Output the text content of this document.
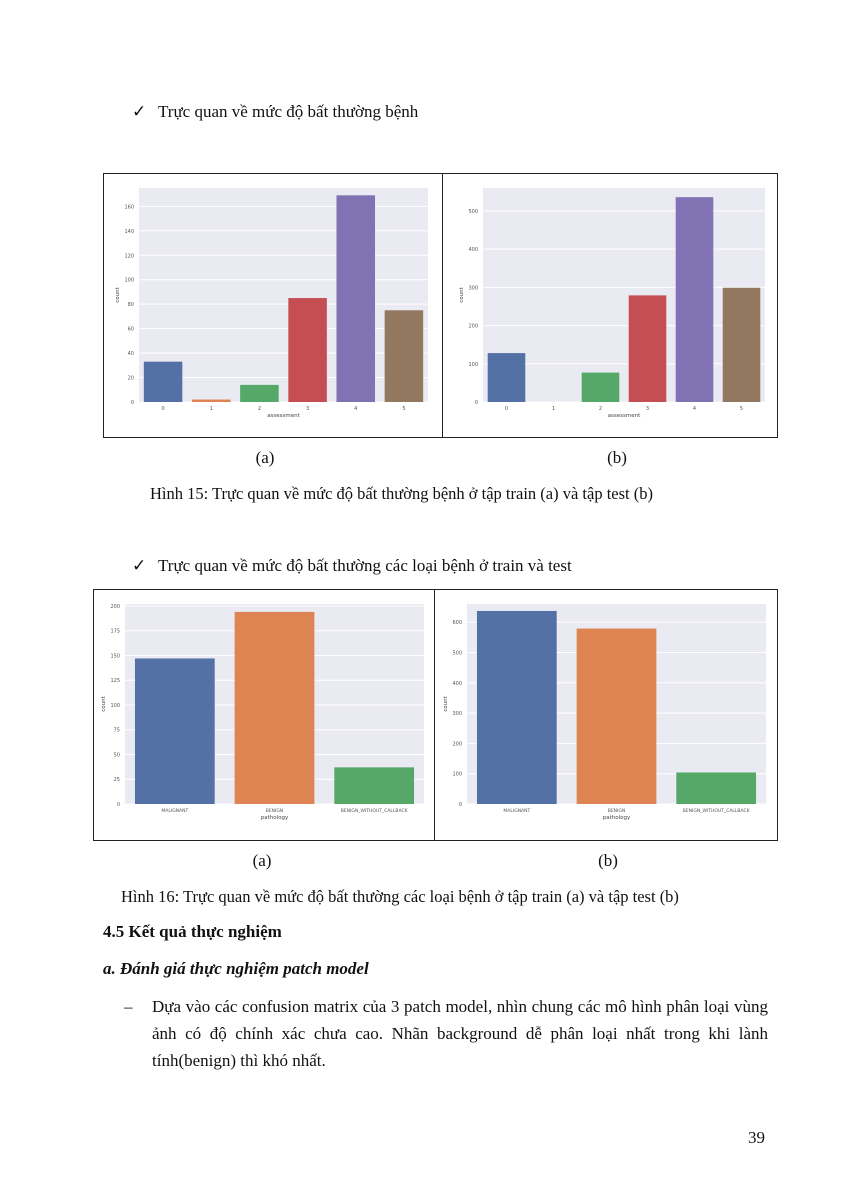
✓ Trực quan về mức độ bất thường bệnh
0
20
40
60
80
100
120
140
160
0	1	2	3	4	5
assessment
count
0
100
200
300
400
500
0	1	2	3	4	5
assessment
count
(a)	(b)
Hình 15: Trực quan về mức độ bất thường bệnh ở tập train (a) và tập test (b)
✓ Trực quan về mức độ bất thường các loại bệnh ở train và test
0
25
50
75
100
125
150
175
200
MALIGNANT	BENIGN	BENIGN_WITHOUT_CALLBACK
pathology
count
0
100
200
300
400
500
600
MALIGNANT	BENIGN	BENIGN_WITHOUT_CALLBACK
pathology
count
(a)	(b)
Hình 16: Trực quan về mức độ bất thường các loại bệnh ở tập train (a) và tập test (b)
4.5 Kết quả thực nghiệm
a. Đánh giá thực nghiệm patch model
– Dựa vào các confusion matrix của 3 patch model, nhìn chung các mô hình phân loại vùng ảnh có độ chính xác chưa cao. Nhãn background dễ phân loại nhất trong khi lành tính(benign) thì khó nhất.
39
